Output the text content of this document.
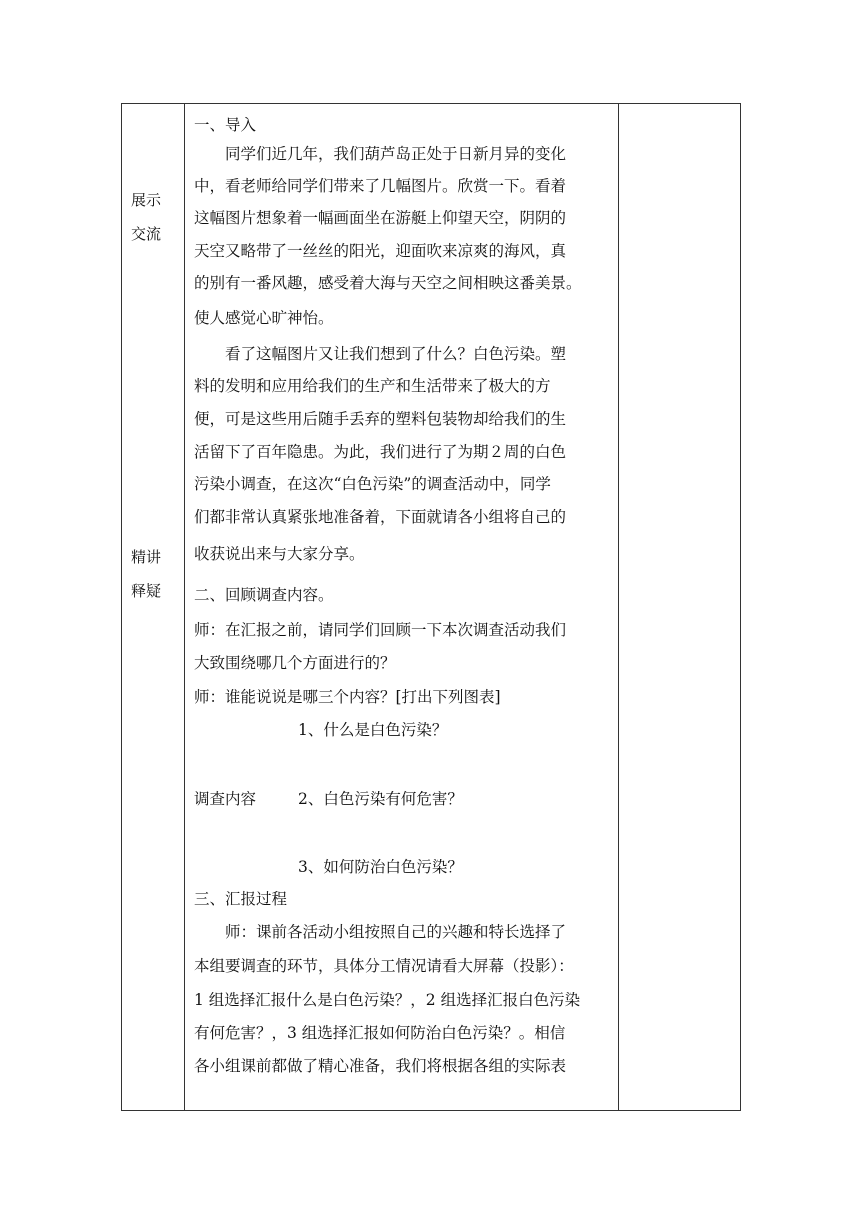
展示
交流
精讲
释疑
一、导入
同学们近几年，我们葫芦岛正处于日新月异的变化
中，看老师给同学们带来了几幅图片。欣赏一下。看着
这幅图片想象着一幅画面坐在游艇上仰望天空，阴阴的
天空又略带了一丝丝的阳光，迎面吹来凉爽的海风，真
的别有一番风趣，感受着大海与天空之间相映这番美景。
使人感觉心旷神怡。
看了这幅图片又让我们想到了什么？白色污染。塑
料的发明和应用给我们的生产和生活带来了极大的方
便，可是这些用后随手丢弃的塑料包装物却给我们的生
活留下了百年隐患。为此，我们进行了为期２周的白色
污染小调查，在这次“白色污染”的调查活动中，同学
们都非常认真紧张地准备着，下面就请各小组将自己的
收获说出来与大家分享。
二、回顾调查内容。
师：在汇报之前，请同学们回顾一下本次调查活动我们
大致围绕哪几个方面进行的？
师：谁能说说是哪三个内容？[打出下列图表]
1、什么是白色污染？
调查内容	2、白色污染有何危害？
3、如何防治白色污染？
三、汇报过程
师：课前各活动小组按照自己的兴趣和特长选择了
本组要调查的环节，具体分工情况请看大屏幕（投影）：
1 组选择汇报什么是白色污染？，2 组选择汇报白色污染
有何危害？，3 组选择汇报如何防治白色污染？。相信
各小组课前都做了精心准备，我们将根据各组的实际表
